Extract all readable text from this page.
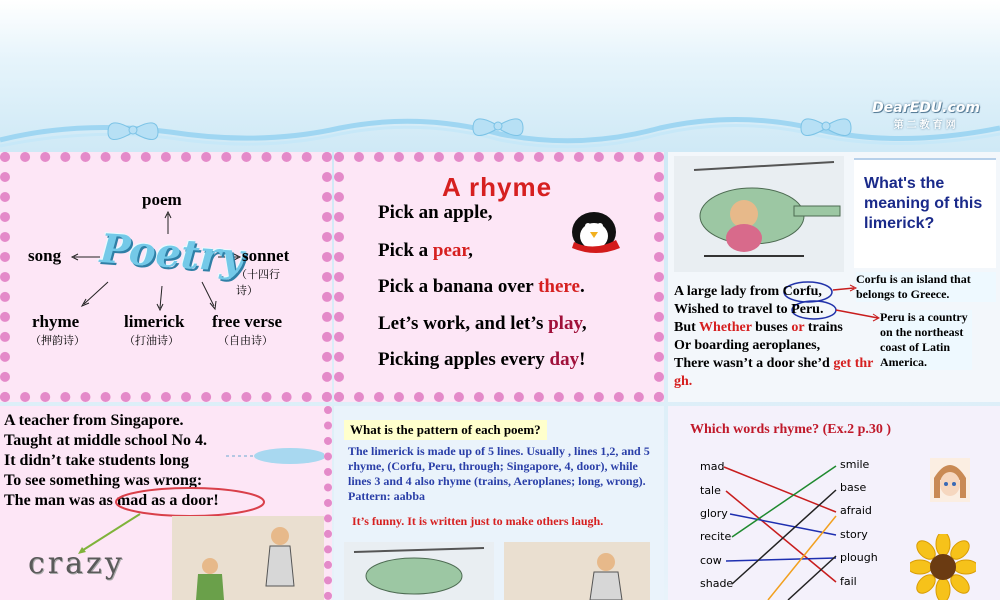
DearEDU.com
第二教育网
Poetry
poem
song	sonnet
（十四行诗）
rhyme
（押韵诗）
limerick
（打油诗）
free verse
（自由诗）
A rhyme
Pick an apple,
Pick a pear,
Pick a banana over there.
Let’s work, and let’s play,
Picking apples every day!
What's the meaning of this limerick?
Corfu is an island that belongs to Greece.
Peru is a country on the northeast coast of Latin America.
A large lady from Corfu,
Wished to travel to Peru.
But Whether buses or trains
Or boarding aeroplanes,
There wasn’t a door she’d get thr
gh.
A teacher from Singapore.
Taught at middle school No 4.
It didn’t take students long
To see something was wrong:
The man was as mad as a door!
crazy
What is the pattern of each poem?
The limerick is made up of 5 lines. Usually , lines 1,2, and 5 rhyme, (Corfu, Peru, through; Singapore, 4, door), while lines 3 and 4 also rhyme (trains, Aeroplanes; long, wrong). Pattern: aabba
It’s funny. It is written just to make others laugh.
Which words rhyme? (Ex.2 p.30 )
mad
tale
glory
recite
cow
shade
smile
base
afraid
story
plough
fail
